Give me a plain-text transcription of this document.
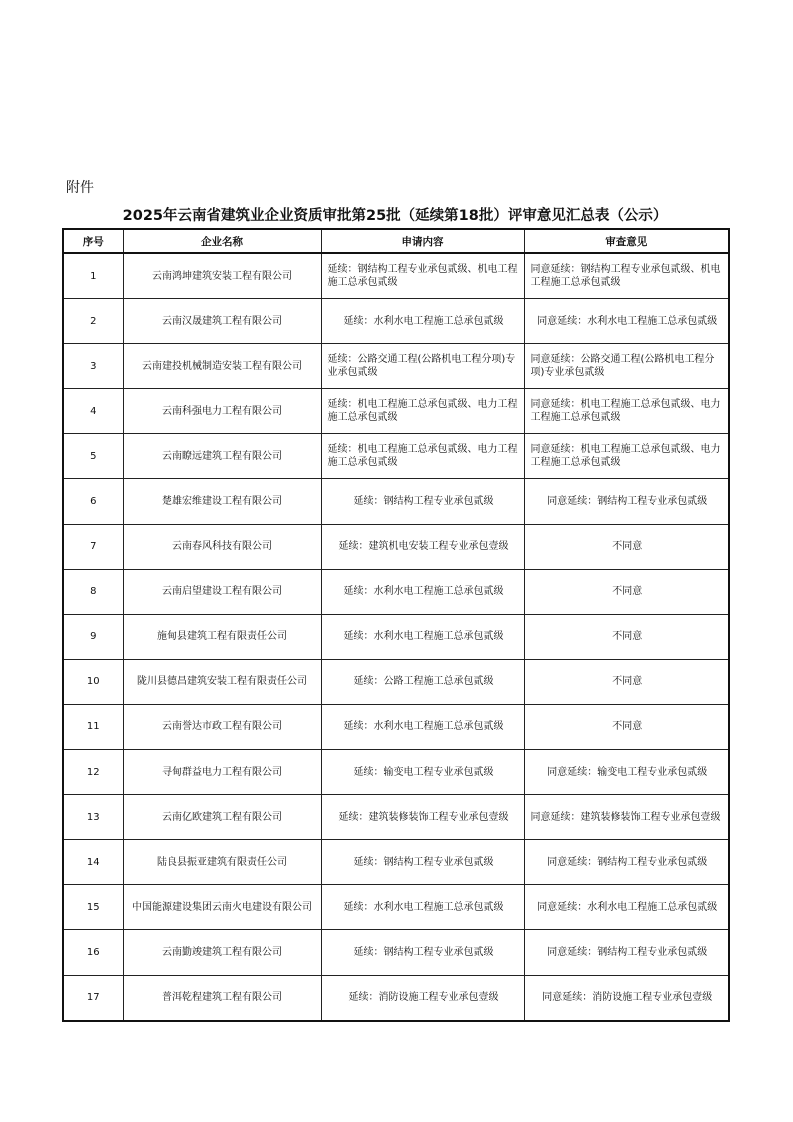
附件
2025年云南省建筑业企业资质审批第25批（延续第18批）评审意见汇总表（公示）
序号	企业名称	申请内容	审查意见
1	云南鸿坤建筑安装工程有限公司	延续：钢结构工程专业承包贰级、机电工程施工总承包贰级	同意延续：钢结构工程专业承包贰级、机电工程施工总承包贰级
2	云南汉晟建筑工程有限公司	延续：水利水电工程施工总承包贰级	同意延续：水利水电工程施工总承包贰级
3	云南建投机械制造安装工程有限公司	延续：公路交通工程(公路机电工程分项)专业承包贰级	同意延续：公路交通工程(公路机电工程分项)专业承包贰级
4	云南科强电力工程有限公司	延续：机电工程施工总承包贰级、电力工程施工总承包贰级	同意延续：机电工程施工总承包贰级、电力工程施工总承包贰级
5	云南瞭远建筑工程有限公司	延续：机电工程施工总承包贰级、电力工程施工总承包贰级	同意延续：机电工程施工总承包贰级、电力工程施工总承包贰级
6	楚雄宏维建设工程有限公司	延续：钢结构工程专业承包贰级	同意延续：钢结构工程专业承包贰级
7	云南春风科技有限公司	延续：建筑机电安装工程专业承包壹级	不同意
8	云南启望建设工程有限公司	延续：水利水电工程施工总承包贰级	不同意
9	施甸县建筑工程有限责任公司	延续：水利水电工程施工总承包贰级	不同意
10	陇川县德昌建筑安装工程有限责任公司	延续：公路工程施工总承包贰级	不同意
11	云南誉达市政工程有限公司	延续：水利水电工程施工总承包贰级	不同意
12	寻甸群益电力工程有限公司	延续：输变电工程专业承包贰级	同意延续：输变电工程专业承包贰级
13	云南亿欧建筑工程有限公司	延续：建筑装修装饰工程专业承包壹级	同意延续：建筑装修装饰工程专业承包壹级
14	陆良县振亚建筑有限责任公司	延续：钢结构工程专业承包贰级	同意延续：钢结构工程专业承包贰级
15	中国能源建设集团云南火电建设有限公司	延续：水利水电工程施工总承包贰级	同意延续：水利水电工程施工总承包贰级
16	云南勤竣建筑工程有限公司	延续：钢结构工程专业承包贰级	同意延续：钢结构工程专业承包贰级
17	普洱乾程建筑工程有限公司	延续：消防设施工程专业承包壹级	同意延续：消防设施工程专业承包壹级
